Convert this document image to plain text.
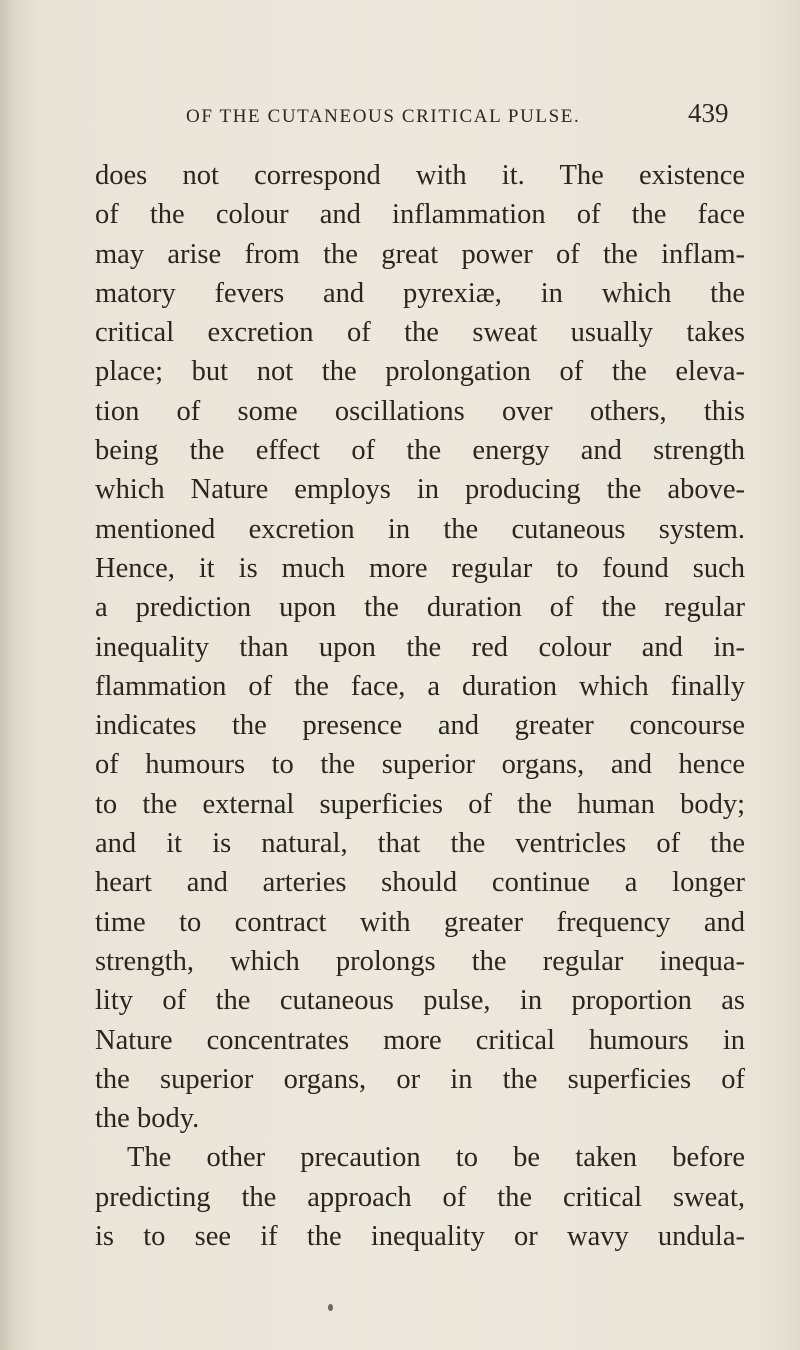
OF THE CUTANEOUS CRITICAL PULSE.	439
does not correspond with it. The existence
of the colour and inflammation of the face
may arise from the great power of the inflam-
matory fevers and pyrexiæ, in which the
critical excretion of the sweat usually takes
place; but not the prolongation of the eleva-
tion of some oscillations over others, this
being the effect of the energy and strength
which Nature employs in producing the above-
mentioned excretion in the cutaneous system.
Hence, it is much more regular to found such
a prediction upon the duration of the regular
inequality than upon the red colour and in-
flammation of the face, a duration which finally
indicates the presence and greater concourse
of humours to the superior organs, and hence
to the external superficies of the human body;
and it is natural, that the ventricles of the
heart and arteries should continue a longer
time to contract with greater frequency and
strength, which prolongs the regular inequa-
lity of the cutaneous pulse, in proportion as
Nature concentrates more critical humours in
the superior organs, or in the superficies of
the body.
The other precaution to be taken before
predicting the approach of the critical sweat,
is to see if the inequality or wavy undula-
